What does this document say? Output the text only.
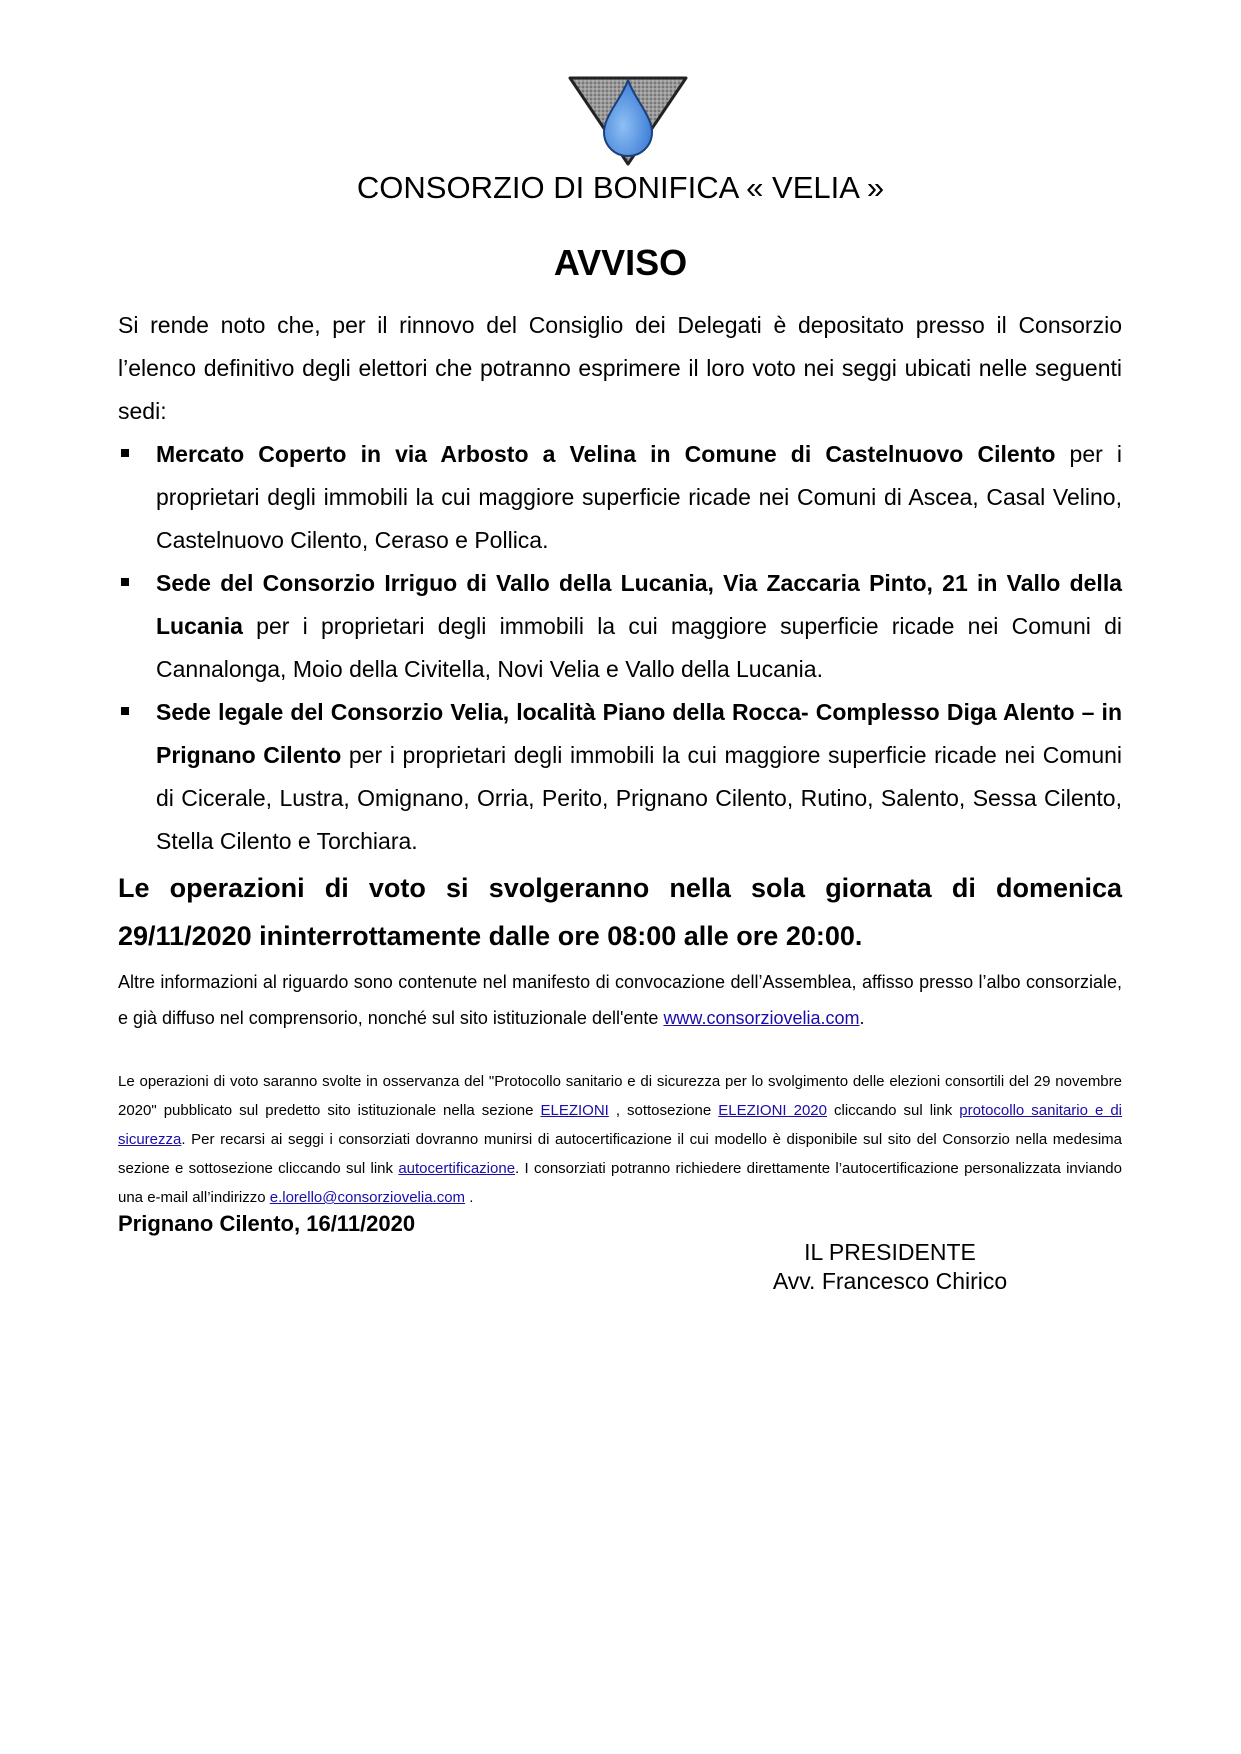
CONSORZIO DI BONIFICA « VELIA »
AVVISO
Si rende noto che, per il rinnovo del Consiglio dei Delegati è depositato presso il Consorzio l’elenco definitivo degli elettori che potranno esprimere il loro voto nei seggi ubicati nelle seguenti sedi:
Mercato Coperto in via Arbosto a Velina in Comune di Castelnuovo Cilento per i proprietari degli immobili la cui maggiore superficie ricade nei Comuni di Ascea, Casal Velino, Castelnuovo Cilento, Ceraso e Pollica.
Sede del Consorzio Irriguo di Vallo della Lucania, Via Zaccaria Pinto, 21 in Vallo della Lucania per i proprietari degli immobili la cui maggiore superficie ricade nei Comuni di Cannalonga, Moio della Civitella, Novi Velia e Vallo della Lucania.
Sede legale del Consorzio Velia, località Piano della Rocca- Complesso Diga Alento – in Prignano Cilento per i proprietari degli immobili la cui maggiore superficie ricade nei Comuni di Cicerale, Lustra, Omignano, Orria, Perito, Prignano Cilento, Rutino, Salento, Sessa Cilento, Stella Cilento e Torchiara.
Le operazioni di voto si svolgeranno nella sola giornata di domenica 29/11/2020 ininterrottamente dalle ore 08:00 alle ore 20:00.
Altre informazioni al riguardo sono contenute nel manifesto di convocazione dell’Assemblea, affisso presso l’albo consorziale, e già diffuso nel comprensorio, nonché sul sito istituzionale dell'ente www.consorziovelia.com.
Le operazioni di voto saranno svolte in osservanza del "Protocollo sanitario e di sicurezza per lo svolgimento delle elezioni consortili del 29 novembre 2020" pubblicato sul predetto sito istituzionale nella sezione ELEZIONI , sottosezione ELEZIONI 2020 cliccando sul link protocollo sanitario e di sicurezza. Per recarsi ai seggi i consorziati dovranno munirsi di autocertificazione il cui modello è disponibile sul sito del Consorzio nella medesima sezione e sottosezione cliccando sul link autocertificazione. I consorziati potranno richiedere direttamente l’autocertificazione personalizzata inviando una e-mail all’indirizzo e.lorello@consorziovelia.com .
Prignano Cilento, 16/11/2020
IL PRESIDENTE
Avv. Francesco Chirico
